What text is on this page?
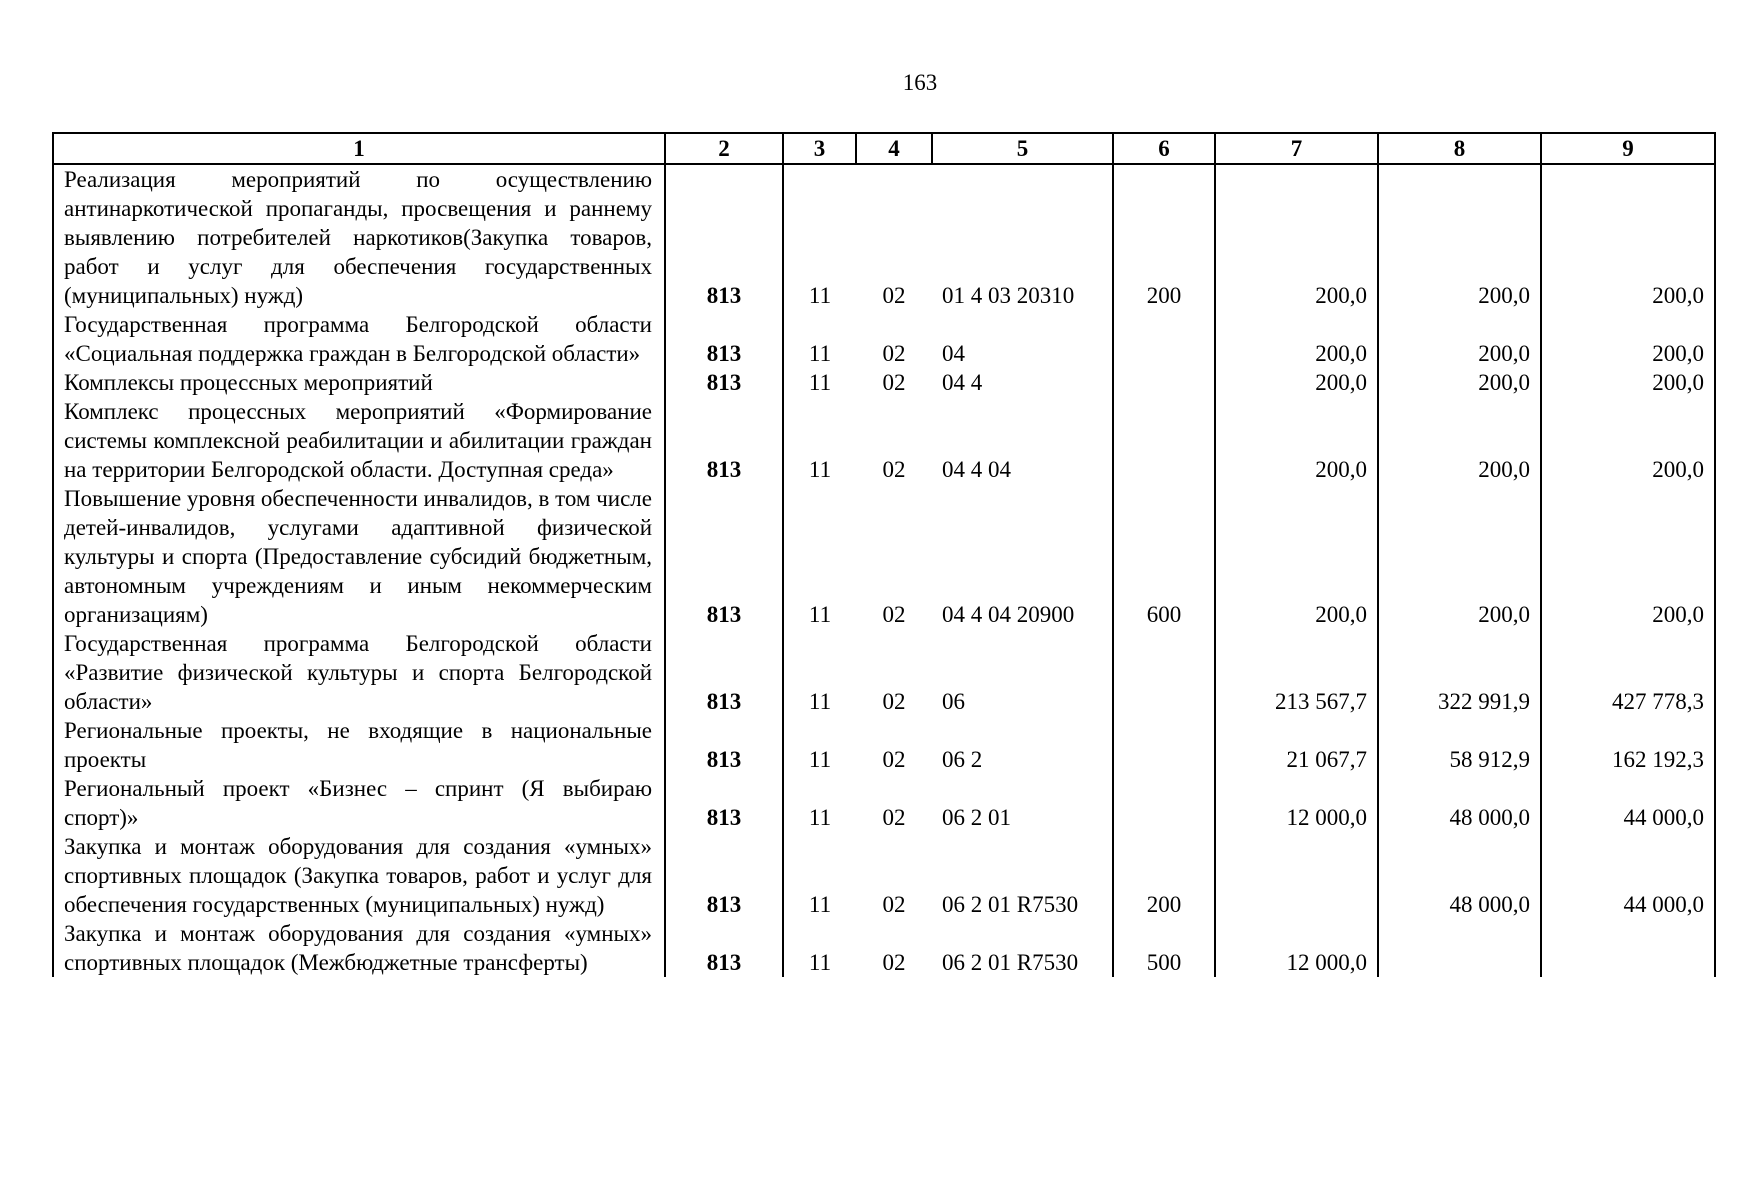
163
1	2	3	4	5	6	7	8	9
Реализация мероприятий по осуществлению антинаркотической пропаганды, просвещения и раннему выявлению потребителей наркотиков(Закупка товаров, работ и услуг для обеспечения государственных (муниципальных) нужд)	813	11	02	01 4 03 20310	200	200,0	200,0	200,0
Государственная программа Белгородской области «Социальная поддержка граждан в Белгородской области»	813	11	02	04		200,0	200,0	200,0
Комплексы процессных мероприятий	813	11	02	04 4		200,0	200,0	200,0
Комплекс процессных мероприятий «Формирование системы комплексной реабилитации и абилитации граждан на территории Белгородской области. Доступная среда»	813	11	02	04 4 04		200,0	200,0	200,0
Повышение уровня обеспеченности инвалидов, в том числе детей-инвалидов, услугами адаптивной физической культуры и спорта (Предоставление субсидий бюджетным, автономным учреждениям и иным некоммерческим организациям)	813	11	02	04 4 04 20900	600	200,0	200,0	200,0
Государственная программа Белгородской области «Развитие физической культуры и спорта Белгородской области»	813	11	02	06		213 567,7	322 991,9	427 778,3
Региональные проекты, не входящие в национальные проекты	813	11	02	06 2		21 067,7	58 912,9	162 192,3
Региональный проект «Бизнес – спринт (Я выбираю спорт)»	813	11	02	06 2 01		12 000,0	48 000,0	44 000,0
Закупка и монтаж оборудования для создания «умных» спортивных площадок (Закупка товаров, работ и услуг для обеспечения государственных (муниципальных) нужд)	813	11	02	06 2 01 R7530	200		48 000,0	44 000,0
Закупка и монтаж оборудования для создания «умных» спортивных площадок (Межбюджетные трансферты)	813	11	02	06 2 01 R7530	500	12 000,0		
